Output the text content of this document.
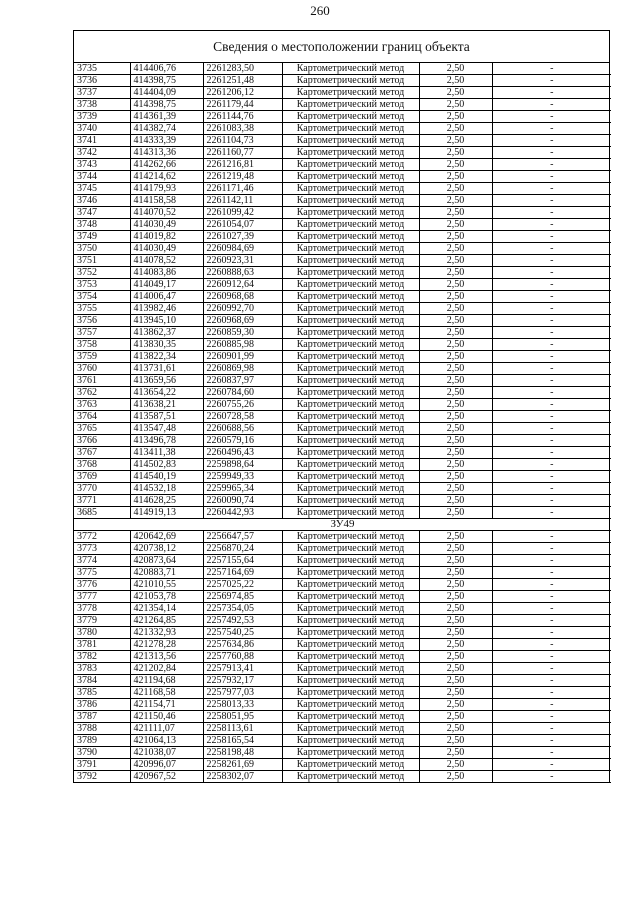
260
Сведения о местоположении границ объекта
3735	414406,76	2261283,50	Картометрический метод	2,50	-
3736	414398,75	2261251,48	Картометрический метод	2,50	-
3737	414404,09	2261206,12	Картометрический метод	2,50	-
3738	414398,75	2261179,44	Картометрический метод	2,50	-
3739	414361,39	2261144,76	Картометрический метод	2,50	-
3740	414382,74	2261083,38	Картометрический метод	2,50	-
3741	414333,39	2261104,73	Картометрический метод	2,50	-
3742	414313,36	2261160,77	Картометрический метод	2,50	-
3743	414262,66	2261216,81	Картометрический метод	2,50	-
3744	414214,62	2261219,48	Картометрический метод	2,50	-
3745	414179,93	2261171,46	Картометрический метод	2,50	-
3746	414158,58	2261142,11	Картометрический метод	2,50	-
3747	414070,52	2261099,42	Картометрический метод	2,50	-
3748	414030,49	2261054,07	Картометрический метод	2,50	-
3749	414019,82	2261027,39	Картометрический метод	2,50	-
3750	414030,49	2260984,69	Картометрический метод	2,50	-
3751	414078,52	2260923,31	Картометрический метод	2,50	-
3752	414083,86	2260888,63	Картометрический метод	2,50	-
3753	414049,17	2260912,64	Картометрический метод	2,50	-
3754	414006,47	2260968,68	Картометрический метод	2,50	-
3755	413982,46	2260992,70	Картометрический метод	2,50	-
3756	413945,10	2260968,69	Картометрический метод	2,50	-
3757	413862,37	2260859,30	Картометрический метод	2,50	-
3758	413830,35	2260885,98	Картометрический метод	2,50	-
3759	413822,34	2260901,99	Картометрический метод	2,50	-
3760	413731,61	2260869,98	Картометрический метод	2,50	-
3761	413659,56	2260837,97	Картометрический метод	2,50	-
3762	413654,22	2260784,60	Картометрический метод	2,50	-
3763	413638,21	2260755,26	Картометрический метод	2,50	-
3764	413587,51	2260728,58	Картометрический метод	2,50	-
3765	413547,48	2260688,56	Картометрический метод	2,50	-
3766	413496,78	2260579,16	Картометрический метод	2,50	-
3767	413411,38	2260496,43	Картометрический метод	2,50	-
3768	414502,83	2259898,64	Картометрический метод	2,50	-
3769	414540,19	2259949,33	Картометрический метод	2,50	-
3770	414532,18	2259965,34	Картометрический метод	2,50	-
3771	414628,25	2260090,74	Картометрический метод	2,50	-
3685	414919,13	2260442,93	Картометрический метод	2,50	-
ЗУ49					
3772	420642,69	2256647,57	Картометрический метод	2,50	-
3773	420738,12	2256870,24	Картометрический метод	2,50	-
3774	420873,64	2257155,64	Картометрический метод	2,50	-
3775	420883,71	2257164,69	Картометрический метод	2,50	-
3776	421010,55	2257025,22	Картометрический метод	2,50	-
3777	421053,78	2256974,85	Картометрический метод	2,50	-
3778	421354,14	2257354,05	Картометрический метод	2,50	-
3779	421264,85	2257492,53	Картометрический метод	2,50	-
3780	421332,93	2257540,25	Картометрический метод	2,50	-
3781	421278,28	2257634,86	Картометрический метод	2,50	-
3782	421313,56	2257760,88	Картометрический метод	2,50	-
3783	421202,84	2257913,41	Картометрический метод	2,50	-
3784	421194,68	2257932,17	Картометрический метод	2,50	-
3785	421168,58	2257977,03	Картометрический метод	2,50	-
3786	421154,71	2258013,33	Картометрический метод	2,50	-
3787	421150,46	2258051,95	Картометрический метод	2,50	-
3788	421111,07	2258113,61	Картометрический метод	2,50	-
3789	421064,13	2258165,54	Картометрический метод	2,50	-
3790	421038,07	2258198,48	Картометрический метод	2,50	-
3791	420996,07	2258261,69	Картометрический метод	2,50	-
3792	420967,52	2258302,07	Картометрический метод	2,50	-
